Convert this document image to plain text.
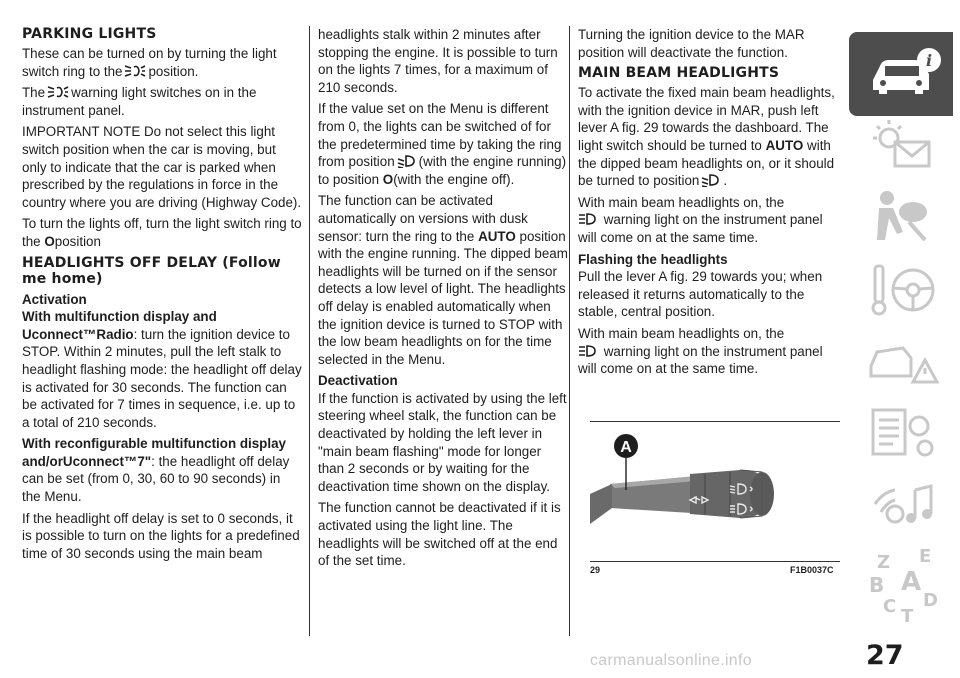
PARKING LIGHTS

These can be turned on by turning the light switch ring to the position.

The warning light switches on in the instrument panel.

IMPORTANT NOTE Do not select this light switch position when the car is moving, but only to indicate that the car is parked when prescribed by the regulations in force in the country where you are driving (Highway Code).

To turn the lights off, turn the light switch ring to the Oposition

HEADLIGHTS OFF DELAY (Follow me home)
Activation

With multifunction display and Uconnect™Radio: turn the ignition device to STOP. Within 2 minutes, pull the left stalk to headlight flashing mode: the headlight off delay is activated for 30 seconds. The function can be activated for 7 times in sequence, i.e. up to a total of 210 seconds.

With reconfigurable multifunction display and/orUconnect™7": the headlight off delay can be set (from 0, 30, 60 to 90 seconds) in the Menu.

If the headlight off delay is set to 0 seconds, it is possible to turn on the lights for a predefined time of 30 seconds using the main beam

headlights stalk within 2 minutes after stopping the engine. It is possible to turn on the lights 7 times, for a maximum of 210 seconds.

If the value set on the Menu is different from 0, the lights can be switched of for the predetermined time by taking the ring from position (with the engine running) to position O(with the engine off).

The function can be activated automatically on versions with dusk sensor: turn the ring to the AUTO position with the engine running. The dipped beam headlights will be turned on if the sensor detects a low level of light. The headlights off delay is enabled automatically when the ignition device is turned to STOP with the low beam headlights on for the time selected in the Menu.

Deactivation

If the function is activated by using the left steering wheel stalk, the function can be deactivated by holding the left lever in "main beam flashing" mode for longer than 2 seconds or by waiting for the deactivation time shown on the display.

The function cannot be deactivated if it is activated using the light line. The headlights will be switched off at the end of the set time.

Turning the ignition device to the MAR position will deactivate the function.

MAIN BEAM HEADLIGHTS

To activate the fixed main beam headlights, with the ignition device in MAR, push left lever A fig. 29 towards the dashboard. The light switch should be turned to AUTO with the dipped beam headlights on, or it should be turned to position .

With main beam headlights on, the
warning light on the instrument panel will come on at the same time.

Flashing the headlights

Pull the lever A fig. 29 towards you; when released it returns automatically to the stable, central position.

With main beam headlights on, the
warning light on the instrument panel will come on at the same time.

A
29	F1B0037C
i
Z E
B A
C T
D
27
carmanualsonline.info
